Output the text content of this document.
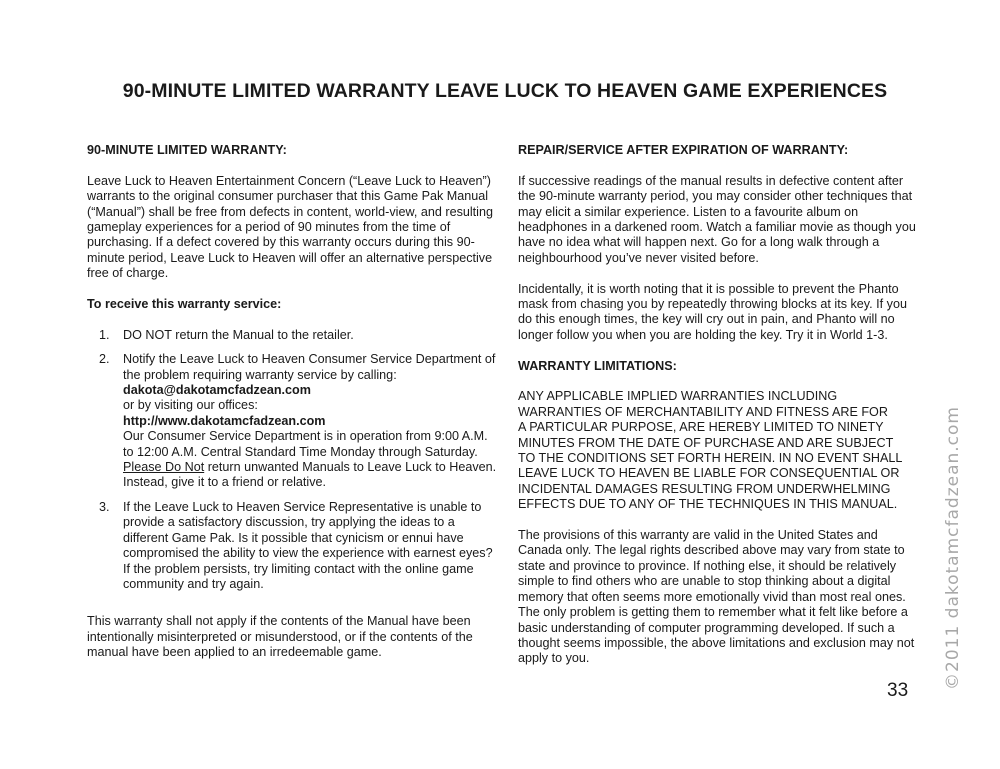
90-MINUTE LIMITED WARRANTY LEAVE LUCK TO HEAVEN GAME EXPERIENCES

90-MINUTE LIMITED WARRANTY:

Leave Luck to Heaven Entertainment Concern (“Leave Luck to Heaven”) warrants to the original consumer purchaser that this Game Pak Manual (“Manual”) shall be free from defects in content, world-view, and resulting gameplay experiences for a period of 90 minutes from the time of purchasing. If a defect covered by this warranty occurs during this 90-minute period, Leave Luck to Heaven will offer an alternative perspective free of charge.

To receive this warranty service:

1. DO NOT return the Manual to the retailer.
2. Notify the Leave Luck to Heaven Consumer Service Department of the problem requiring warranty service by calling:
dakota@dakotamcfadzean.com
or by visiting our offices:
http://www.dakotamcfadzean.com
Our Consumer Service Department is in operation from 9:00 A.M. to 12:00 A.M. Central Standard Time Monday through Saturday. Please Do Not return unwanted Manuals to Leave Luck to Heaven. Instead, give it to a friend or relative.
3. If the Leave Luck to Heaven Service Representative is unable to provide a satisfactory discussion, try applying the ideas to a different Game Pak. Is it possible that cynicism or ennui have compromised the ability to view the experience with earnest eyes? If the problem persists, try limiting contact with the online game community and try again.

This warranty shall not apply if the contents of the Manual have been intentionally misinterpreted or misunderstood, or if the contents of the manual have been applied to an irredeemable game.

REPAIR/SERVICE AFTER EXPIRATION OF WARRANTY:

If successive readings of the manual results in defective content after the 90-minute warranty period, you may consider other techniques that may elicit a similar experience. Listen to a favourite album on headphones in a darkened room. Watch a familiar movie as though you have no idea what will happen next. Go for a long walk through a neighbourhood you’ve never visited before.

Incidentally, it is worth noting that it is possible to prevent the Phanto mask from chasing you by repeatedly throwing blocks at its key. If you do this enough times, the key will cry out in pain, and Phanto will no longer follow you when you are holding the key. Try it in World 1-3.

WARRANTY LIMITATIONS:

ANY APPLICABLE IMPLIED WARRANTIES INCLUDING
WARRANTIES OF MERCHANTABILITY AND FITNESS ARE FOR
A PARTICULAR PURPOSE, ARE HEREBY LIMITED TO NINETY
MINUTES FROM THE DATE OF PURCHASE AND ARE SUBJECT
TO THE CONDITIONS SET FORTH HEREIN. IN NO EVENT SHALL
LEAVE LUCK TO HEAVEN BE LIABLE FOR CONSEQUENTIAL OR
INCIDENTAL DAMAGES RESULTING FROM UNDERWHELMING
EFFECTS DUE TO ANY OF THE TECHNIQUES IN THIS MANUAL.

The provisions of this warranty are valid in the United States and Canada only. The legal rights described above may vary from state to state and province to province. If nothing else, it should be relatively simple to find others who are unable to stop thinking about a digital memory that often seems more emotionally vivid than most real ones. The only problem is getting them to remember what it felt like before a basic understanding of computer programming developed. If such a thought seems impossible, the above limitations and exclusion may not apply to you.

33
©2011 dakotamcfadzean.com
